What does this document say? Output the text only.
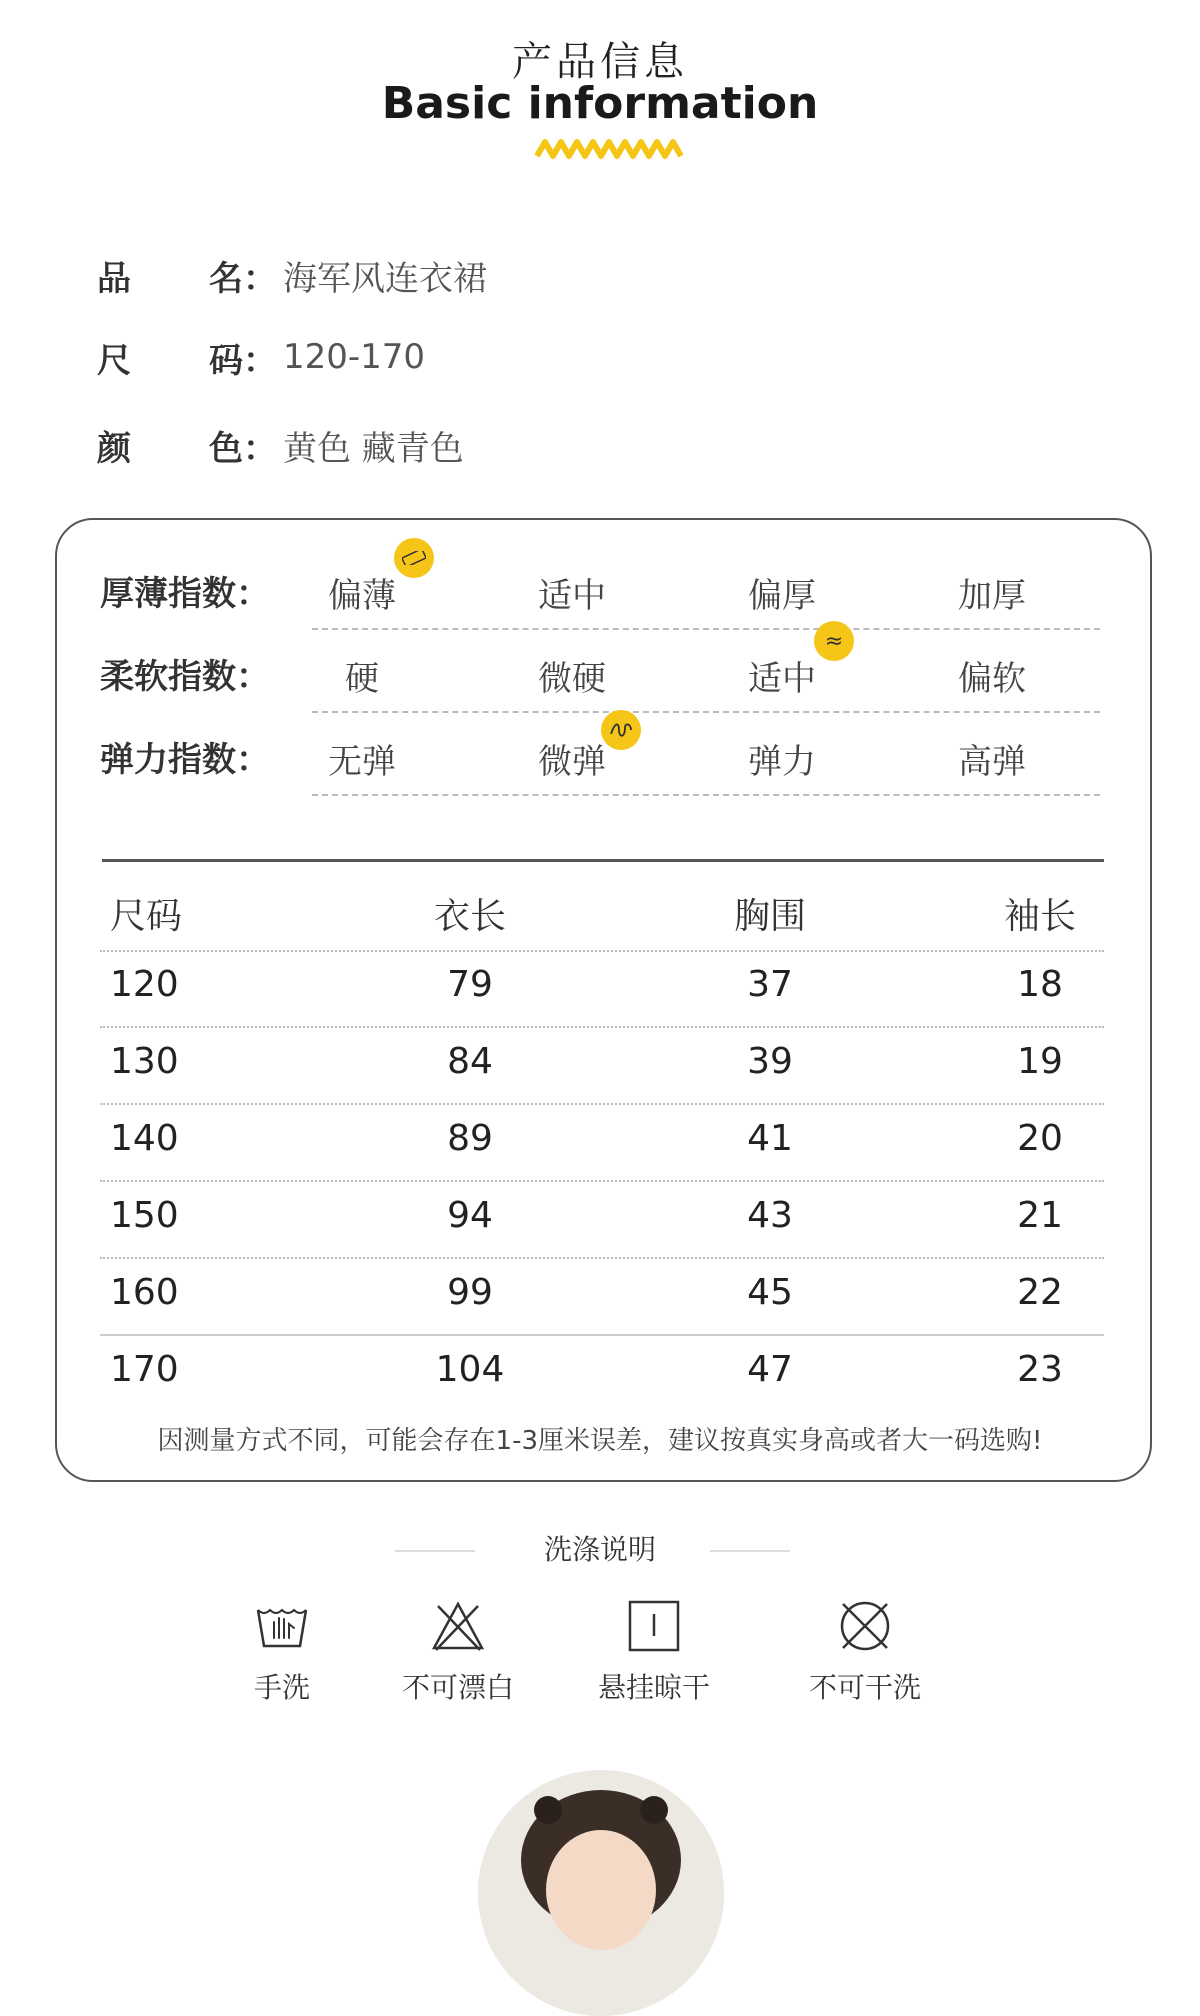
产品信息
Basic information
品 名： 海军风连衣裙
尺 码： 120-170
颜 色： 黄色 藏青色
厚薄指数：	偏薄	适中	偏厚	加厚
柔软指数：	硬	微硬	适中	偏软
≈
弹力指数：	无弹	微弹	弹力	高弹
尺码	衣长	胸围	袖长
120	79	37	18
130	84	39	19
140	89	41	20
150	94	43	21
160	99	45	22
170	104	47	23
因测量方式不同，可能会存在1-3厘米误差，建议按真实身高或者大一码选购!
洗涤说明
手洗	不可漂白	悬挂晾干	不可干洗
